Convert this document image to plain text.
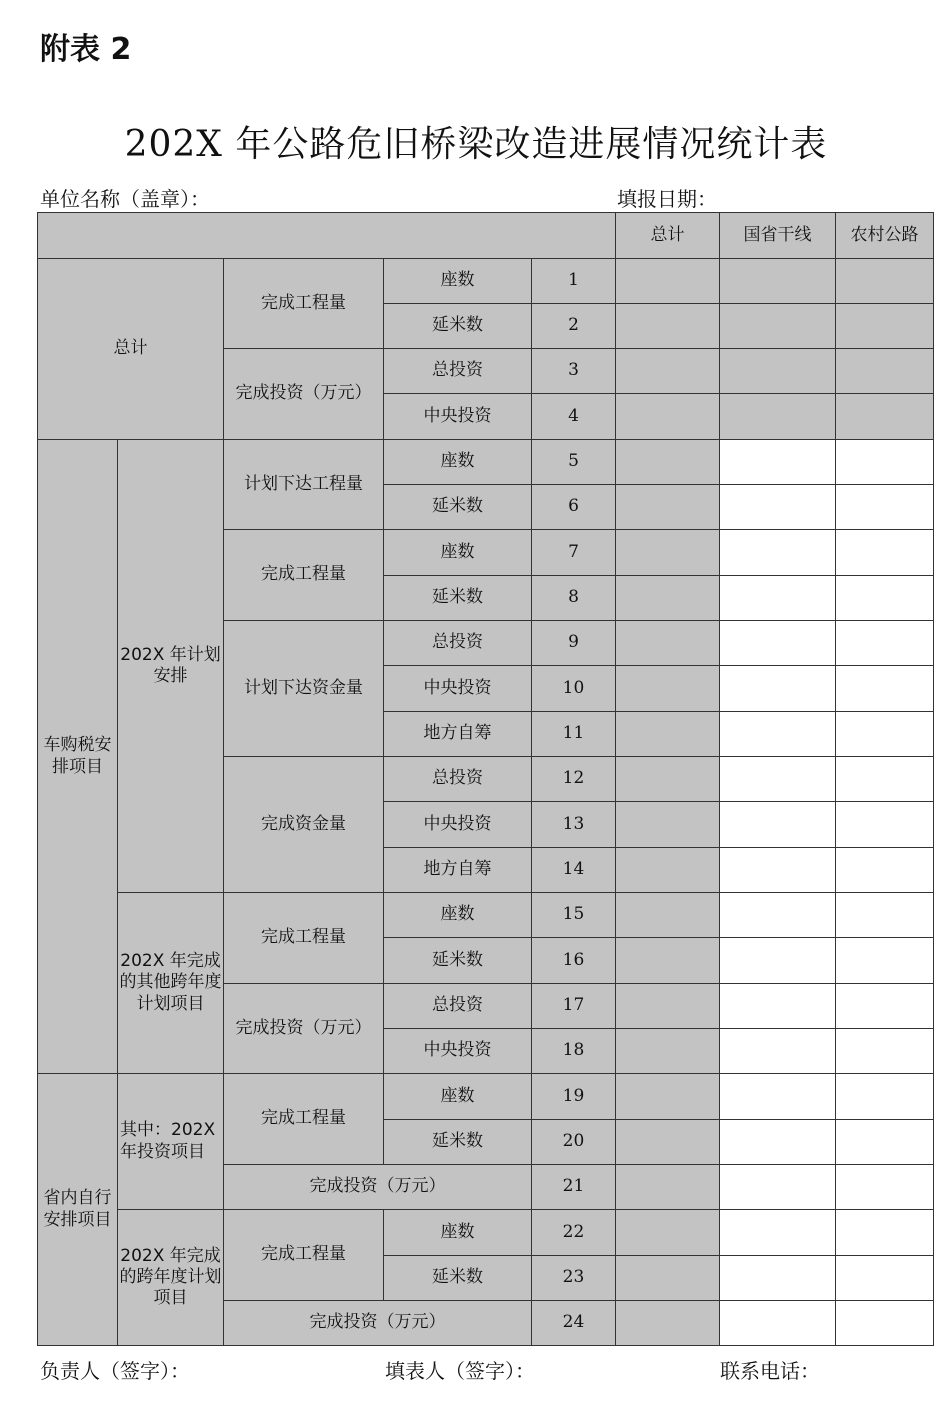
附表 2
202X 年公路危旧桥梁改造进展情况统计表
单位名称（盖章）：	填报日期：
					总计	国省干线	农村公路
总计		完成工程量	座数	1			
			延米数	2			
		完成投资（万元）	总投资	3			
			中央投资	4			
车购税安排项目	202X 年计划安排	计划下达工程量	座数	5			
			延米数	6			
		完成工程量	座数	7			
			延米数	8			
		计划下达资金量	总投资	9			
			中央投资	10			
			地方自筹	11			
		完成资金量	总投资	12			
			中央投资	13			
			地方自筹	14			
	202X 年完成的其他跨年度计划项目	完成工程量	座数	15			
			延米数	16			
		完成投资（万元）	总投资	17			
			中央投资	18			
省内自行安排项目	其中：202X 年投资项目	完成工程量	座数	19			
			延米数	20			
		完成投资（万元）		21			
	202X 年完成的跨年度计划项目	完成工程量	座数	22			
			延米数	23			
		完成投资（万元）		24			
负责人（签字）：	填表人（签字）：	联系电话：
